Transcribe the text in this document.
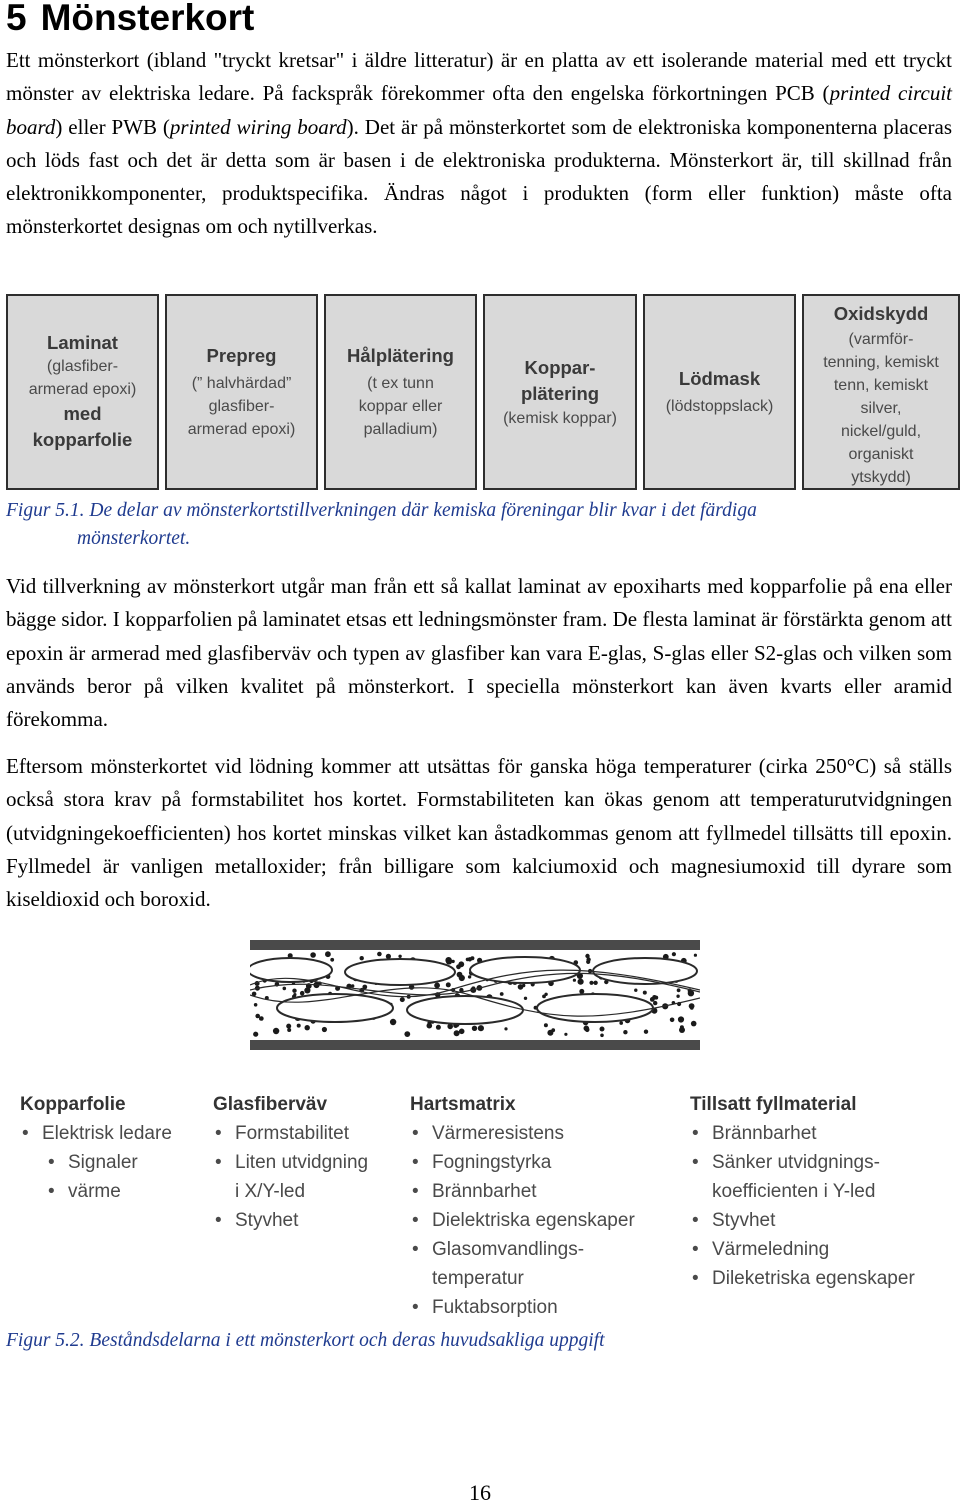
5 Mönsterkort

Ett mönsterkort (ibland "tryckt kretsar" i äldre litteratur) är en platta av ett isolerande material med ett tryckt mönster av elektriska ledare. På fackspråk förekommer ofta den engelska förkortningen PCB (printed circuit board) eller PWB (printed wiring board). Det är på mönsterkortet som de elektroniska komponenterna placeras och löds fast och det är detta som är basen i de elektroniska produkterna. Mönsterkort är, till skillnad från elektronikkomponenter, produktspecifika. Ändras något i produkten (form eller funktion) måste ofta mönsterkortet designas om och nytillverkas.

Laminat
(glasfiber-
armerad epoxi)
med
kopparfolie
Prepreg
(” halvhärdad”
glasfiber-
armerad epoxi)
Hålplätering
(t ex tunn
koppar eller
palladium)
Koppar-
plätering
(kemisk koppar)
Lödmask
(lödstoppslack)
Oxidskydd
(varmför-
tenning, kemiskt
tenn, kemiskt
silver,
nickel/guld,
organiskt
ytskydd)

Figur 5.1. De delar av mönsterkortstillverkningen där kemiska föreningar blir kvar i det färdiga
mönsterkortet.

Vid tillverkning av mönsterkort utgår man från ett så kallat laminat av epoxiharts med kopparfolie på ena eller bägge sidor. I kopparfolien på laminatet etsas ett ledningsmönster fram. De flesta laminat är förstärkta genom att epoxin är armerad med glasfiberväv och typen av glasfiber kan vara E-glas, S-glas eller S2-glas och vilken som används beror på vilken kvalitet på mönsterkort. I speciella mönsterkort kan även kvarts eller aramid förekomma.

Eftersom mönsterkortet vid lödning kommer att utsättas för ganska höga temperaturer (cirka 250°C) så ställs också stora krav på formstabilitet hos kortet. Formstabiliteten kan ökas genom att temperaturutvidgningen (utvidgningekoefficienten) hos kortet minskas vilket kan åstadkommas genom att fyllmedel tillsätts till epoxin. Fyllmedel är vanligen metalloxider; från billigare som kalciumoxid och magnesiumoxid till dyrare som kiseldioxid och boroxid.

Kopparfolie
• Elektrisk ledare
• Signaler
• värme
Glasfiberväv
• Formstabilitet
• Liten utvidgning
i X/Y-led
• Styvhet
Hartsmatrix
• Värmeresistens
• Fogningstyrka
• Brännbarhet
• Dielektriska egenskaper
• Glasomvandlings-
temperatur
• Fuktabsorption
Tillsatt fyllmaterial
• Brännbarhet
• Sänker utvidgnings-
koefficienten i Y-led
• Styvhet
• Värmeledning
• Dileketriska egenskaper

Figur 5.2. Beståndsdelarna i ett mönsterkort och deras huvudsakliga uppgift

16
